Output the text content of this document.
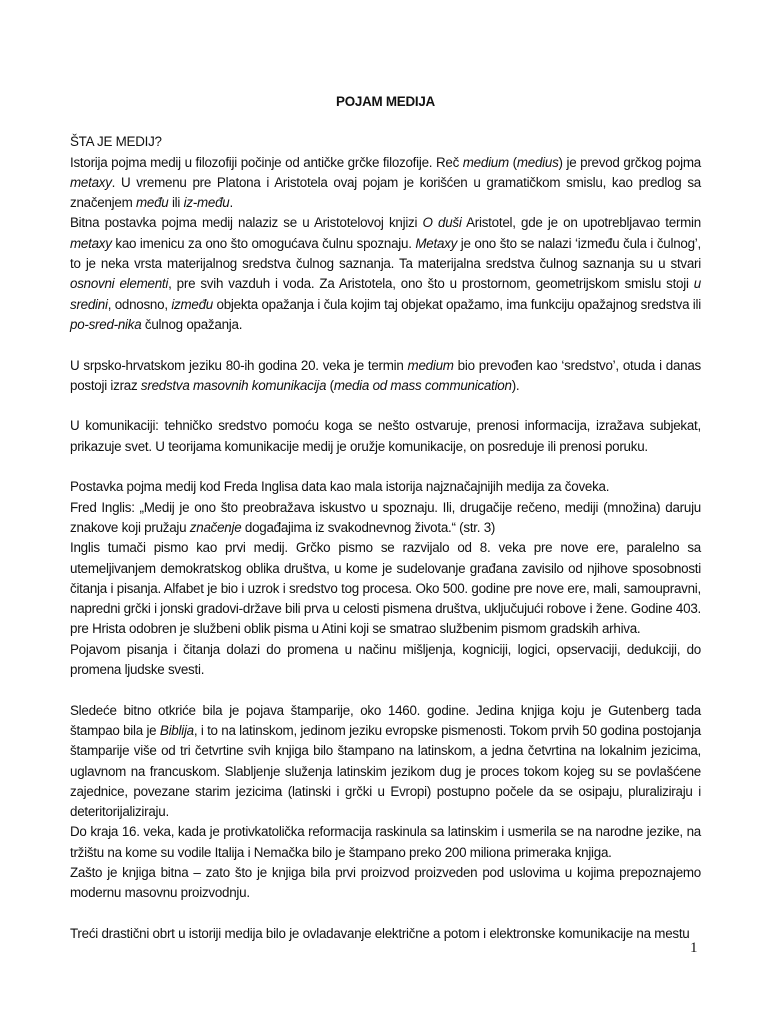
POJAM MEDIJA

ŠTA JE MEDIJ?

Istorija pojma medij u filozofiji počinje od antičke grčke filozofije. Reč medium (medius) je prevod grčkog pojma metaxy. U vremenu pre Platona i Aristotela ovaj pojam je korišćen u gramatičkom smislu, kao predlog sa značenjem među ili iz-među.

Bitna postavka pojma medij nalaziz se u Aristotelovoj knjizi O duši Aristotel, gde je on upotrebljavao termin metaxy kao imenicu za ono što omogućava čulnu spoznaju. Metaxy je ono što se nalazi ‘između čula i čulnog’, to je neka vrsta materijalnog sredstva čulnog saznanja. Ta materijalna sredstva čulnog saznanja su u stvari osnovni elementi, pre svih vazduh i voda. Za Aristotela, ono što u prostornom, geometrijskom smislu stoji u sredini, odnosno, između objekta opažanja i čula kojim taj objekat opažamo, ima funkciju opažajnog sredstva ili po-sred-nika čulnog opažanja.

U srpsko-hrvatskom jeziku 80-ih godina 20. veka je termin medium bio prevođen kao ‘sredstvo’, otuda i danas postoji izraz sredstva masovnih komunikacija (media od mass communication).

U komunikaciji: tehničko sredstvo pomoću koga se nešto ostvaruje, prenosi informacija, izražava subjekat, prikazuje svet. U teorijama komunikacije medij je oružje komunikacije, on posreduje ili prenosi poruku.

Postavka pojma medij kod Freda Inglisa data kao mala istorija najznačajnijih medija za čoveka.

Fred Inglis: „Medij je ono što preobražava iskustvo u spoznaju. Ili, drugačije rečeno, mediji (množina) daruju znakove koji pružaju značenje događajima iz svakodnevnog života.“ (str. 3)

Inglis tumači pismo kao prvi medij. Grčko pismo se razvijalo od 8. veka pre nove ere, paralelno sa utemeljivanjem demokratskog oblika društva, u kome je sudelovanje građana zavisilo od njihove sposobnosti čitanja i pisanja. Alfabet je bio i uzrok i sredstvo tog procesa. Oko 500. godine pre nove ere, mali, samoupravni, napredni grčki i jonski gradovi-države bili prva u celosti pismena društva, uključujući robove i žene. Godine 403. pre Hrista odobren je službeni oblik pisma u Atini koji se smatrao službenim pismom gradskih arhiva.

Pojavom pisanja i čitanja dolazi do promena u načinu mišljenja, kogniciji, logici, opservaciji, dedukciji, do promena ljudske svesti.

Sledeće bitno otkriće bila je pojava štamparije, oko 1460. godine. Jedina knjiga koju je Gutenberg tada štampao bila je Biblija, i to na latinskom, jedinom jeziku evropske pismenosti. Tokom prvih 50 godina postojanja štamparije više od tri četvrtine svih knjiga bilo štampano na latinskom, a jedna četvrtina na lokalnim jezicima, uglavnom na francuskom. Slabljenje služenja latinskim jezikom dug je proces tokom kojeg su se povlašćene zajednice, povezane starim jezicima (latinski i grčki u Evropi) postupno počele da se osipaju, pluraliziraju i deteritorijaliziraju.

Do kraja 16. veka, kada je protivkatolička reformacija raskinula sa latinskim i usmerila se na narodne jezike, na tržištu na kome su vodile Italija i Nemačka bilo je štampano preko 200 miliona primeraka knjiga.

Zašto je knjiga bitna – zato što je knjiga bila prvi proizvod proizveden pod uslovima u kojima prepoznajemo modernu masovnu proizvodnju.

Treći drastični obrt u istoriji medija bilo je ovladavanje električne a potom i elektronske komunikacije na mestu

1
